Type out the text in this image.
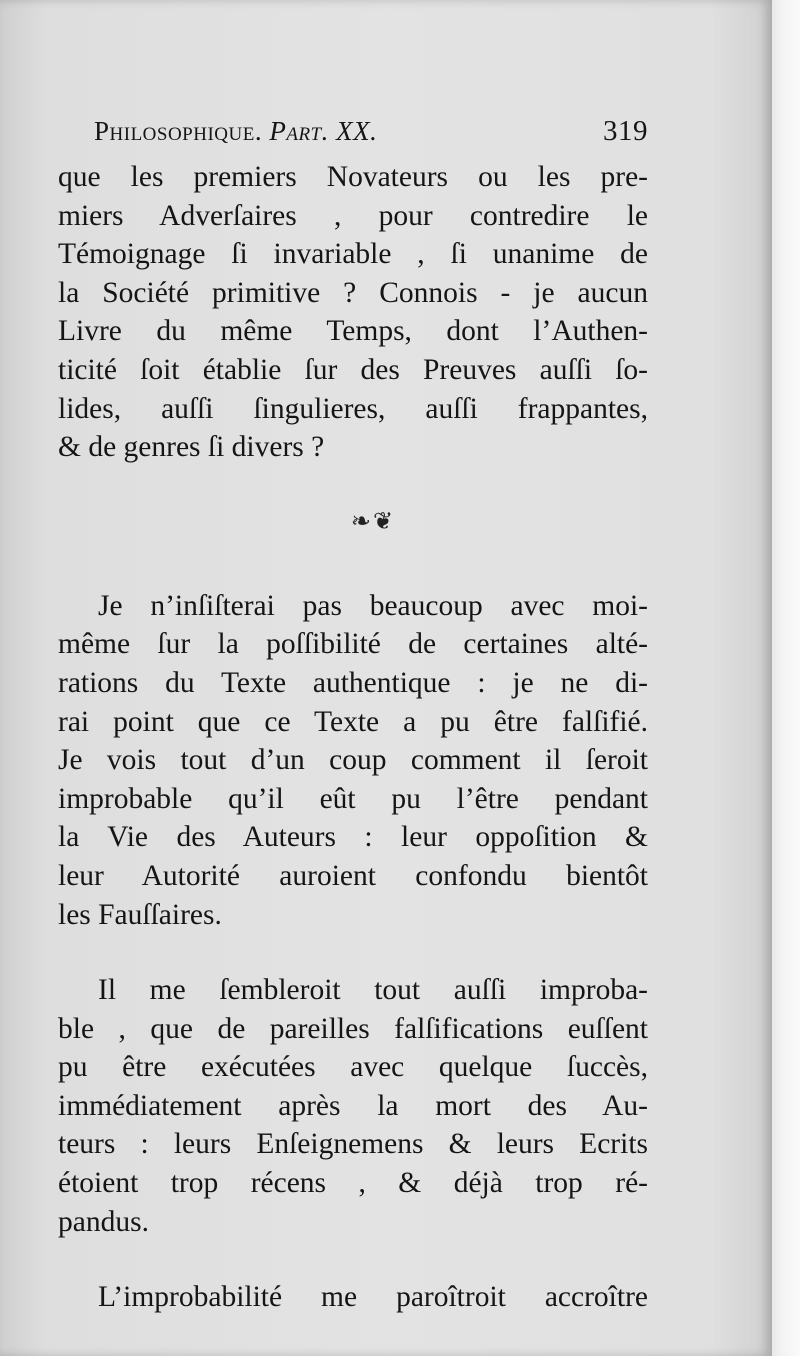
Philosophique. Part. XX.	319
que les premiers Novateurs ou les pre-
miers Adverſaires , pour contredire le
Témoignage ſi invariable , ſi unanime de
la Société primitive ? Connois - je aucun
Livre du même Temps, dont l’Authen-
ticité ſoit établie ſur des Preuves auſſi ſo-
lides, auſſi ſingulieres, auſſi frappantes,
& de genres ſi divers ?
❧❦
Je n’inſiſterai pas beaucoup avec moi-
même ſur la poſſibilité de certaines alté-
rations du Texte authentique : je ne di-
rai point que ce Texte a pu être falſifié.
Je vois tout d’un coup comment il ſeroit
improbable qu’il eût pu l’être pendant
la Vie des Auteurs : leur oppoſition &
leur Autorité auroient confondu bientôt
les Fauſſaires.
Il me ſembleroit tout auſſi improba-
ble , que de pareilles falſifications euſſent
pu être exécutées avec quelque ſuccès,
immédiatement après la mort des Au-
teurs : leurs Enſeignemens & leurs Ecrits
étoient trop récens , & déjà trop ré-
pandus.
L’improbabilité me paroîtroit accroître
